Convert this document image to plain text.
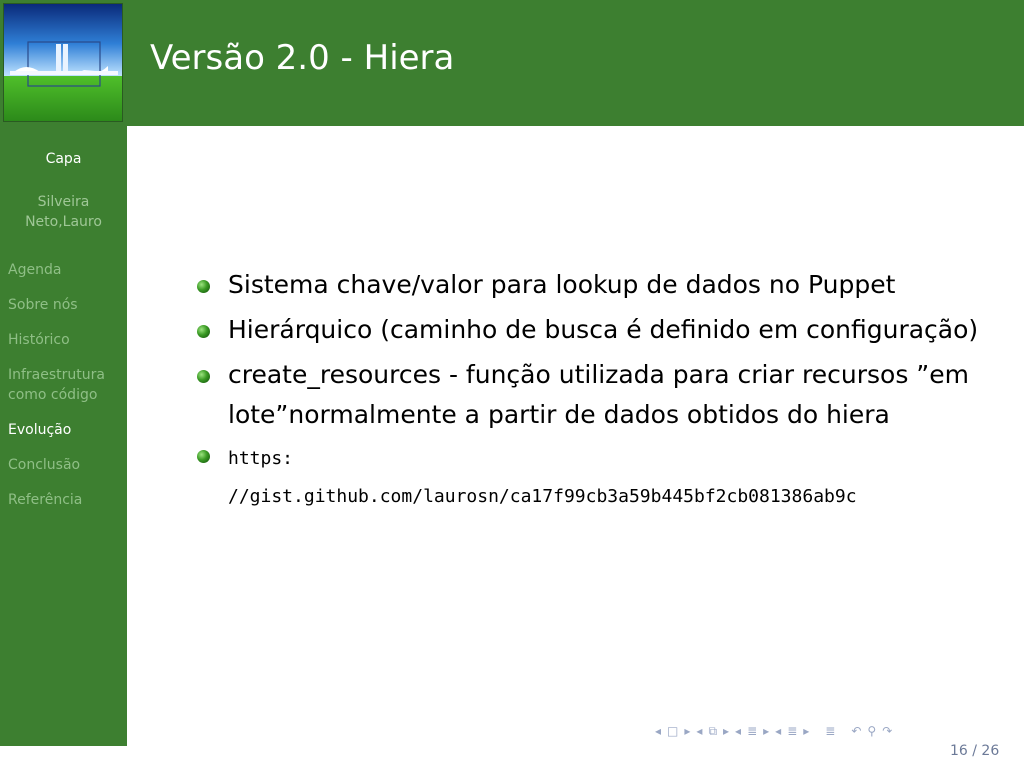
Versão 2.0 - Hiera
Capa
Silveira
Neto,Lauro
Agenda
Sobre nós
Histórico
Infraestrutura como código
Evolução
Conclusão
Referência
Sistema chave/valor para lookup de dados no Puppet
Hierárquico (caminho de busca é definido em configuração)
create_resources - função utilizada para criar recursos ”em lote”normalmente a partir de dados obtidos do hiera
https:
//gist.github.com/laurosn/ca17f99cb3a59b445bf2cb081386ab9c
◂ □ ▸ ◂ ⧉ ▸ ◂ ≣ ▸ ◂ ≣ ▸ ≣ ↶ ⚲ ↷
16 / 26
